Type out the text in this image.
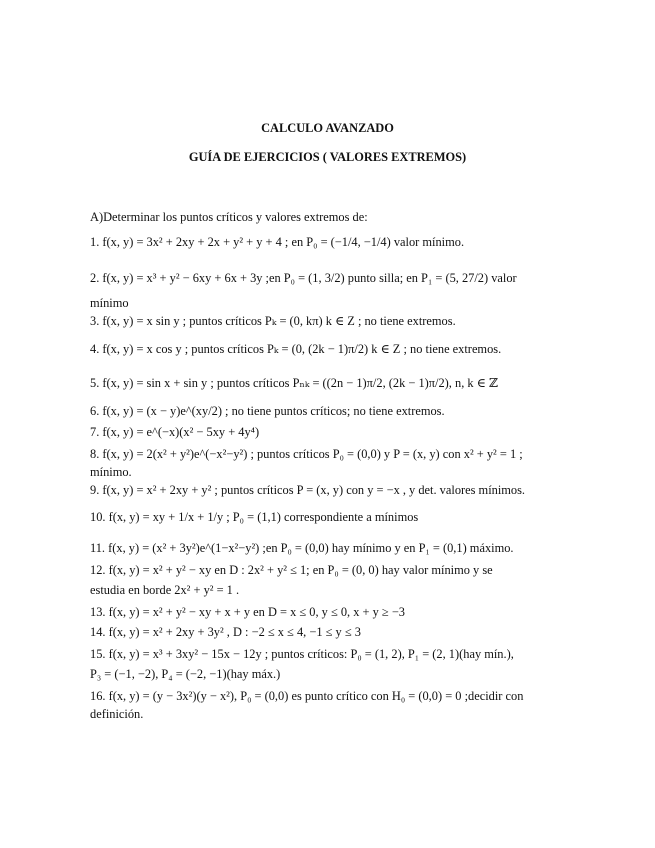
CALCULO AVANZADO
GUÍA DE EJERCICIOS ( VALORES EXTREMOS)
A)Determinar los puntos críticos y valores extremos de:
1. f(x, y) = 3x² + 2xy + 2x + y² + y + 4 ; en P₀ = (−1/4, −1/4) valor mínimo.
2. f(x, y) = x³ + y² − 6xy + 6x + 3y ;en P₀ = (1, 3/2) punto silla; en P₁ = (5, 27/2) valor
mínimo
3. f(x, y) = x sin y ; puntos críticos Pₖ = (0, kπ) k ∈ Z ; no tiene extremos.
4. f(x, y) = x cos y ; puntos críticos Pₖ = (0, (2k − 1)π/2) k ∈ Z ; no tiene extremos.
5. f(x, y) = sin x + sin y ; puntos críticos Pₙₖ = ((2n − 1)π/2, (2k − 1)π/2), n, k ∈ ℤ
6. f(x, y) = (x − y)e^(xy/2) ; no tiene puntos críticos; no tiene extremos.
7. f(x, y) = e^(−x)(x² − 5xy + 4y⁴)
8. f(x, y) = 2(x² + y²)e^(−x²−y²) ; puntos críticos P₀ = (0,0) y P = (x, y) con x² + y² = 1 ;
mínimo.
9. f(x, y) = x² + 2xy + y² ; puntos críticos P = (x, y) con y = −x , y det. valores mínimos.
10. f(x, y) = xy + 1/x + 1/y ; P₀ = (1,1) correspondiente a mínimos
11. f(x, y) = (x² + 3y²)e^(1−x²−y²) ;en P₀ = (0,0) hay mínimo y en P₁ = (0,1) máximo.
12. f(x, y) = x² + y² − xy en D : 2x² + y² ≤ 1; en P₀ = (0, 0) hay valor mínimo y se
estudia en borde 2x² + y² = 1 .
13. f(x, y) = x² + y² − xy + x + y en D = x ≤ 0, y ≤ 0, x + y ≥ −3
14. f(x, y) = x² + 2xy + 3y² , D : −2 ≤ x ≤ 4, −1 ≤ y ≤ 3
15. f(x, y) = x³ + 3xy² − 15x − 12y ; puntos críticos: P₀ = (1, 2), P₁ = (2, 1)(hay mín.),
P₃ = (−1, −2), P₄ = (−2, −1)(hay máx.)
16. f(x, y) = (y − 3x²)(y − x²), P₀ = (0,0) es punto crítico con H₀ = (0,0) = 0 ;decidir con
definición.
